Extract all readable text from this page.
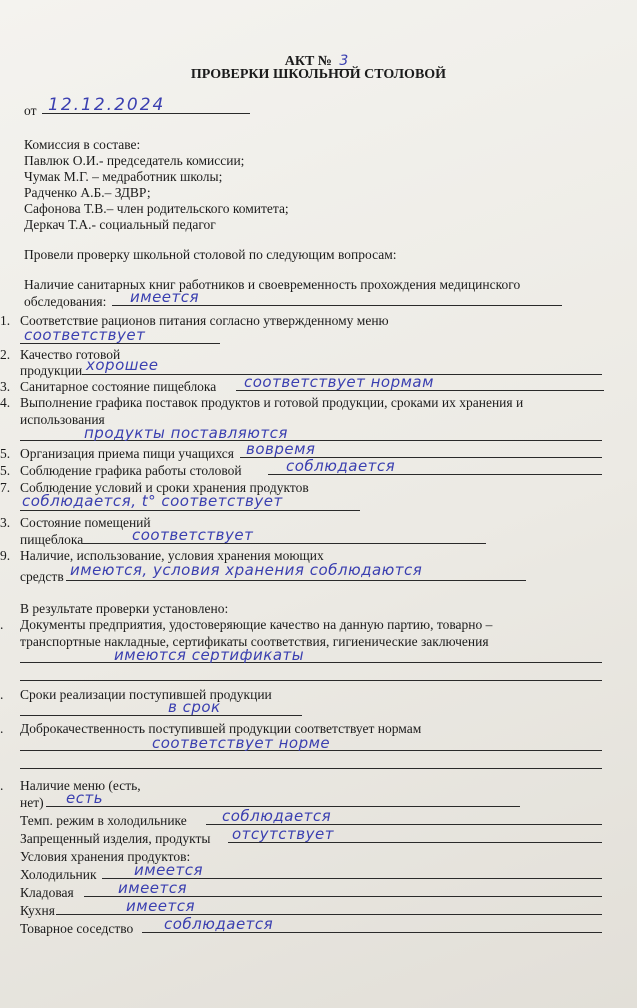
АКТ № 3
ПРОВЕРКИ ШКОЛЬНОЙ СТОЛОВОЙ
от 12.12.2024
Комиссия в составе:
Павлюк О.И.- председатель комиссии;
Чумак М.Г. – медработник школы;
Радченко А.Б.– ЗДВР;
Сафонова Т.В.– член родительского комитета;
Деркач Т.А.- социальный педагог
Провели проверку школьной столовой по следующим вопросам:
Наличие санитарных книг работников и своевременность прохождения медицинского
обследования: имеется
1. Соответствие рационов питания согласно утвержденному меню
соответствует
2. Качество готовой
продукции хорошее
3. Санитарное состояние пищеблока соответствует нормам
4. Выполнение графика поставок продуктов и готовой продукции, сроками их хранения и
использования
продукты поставляются
5. Организация приема пищи учащихся вовремя
5. Соблюдение графика работы столовой	соблюдается
7. Соблюдение условий и сроки хранения продуктов
соблюдается, t° соответствует
3. Состояние помещений
пищеблока	соответствует
9. Наличие, использование, условия хранения моющих
средств имеются, условия хранения соблюдаются
В результате проверки установлено:
. Документы предприятия, удостоверяющие качество на данную партию, товарно –
транспортные накладные, сертификаты соответствия, гигиенические заключения
имеются сертификаты
. Сроки реализации поступившей продукции
в срок
. Доброкачественность поступившей продукции соответствует нормам
соответствует норме
. Наличие меню (есть,
нет) есть
Темп. режим в холодильнике соблюдается
Запрещенный изделия, продукты отсутствует
Условия хранения продуктов:
Холодильник имеется
Кладовая	имеется
Кухня	имеется
Товарное соседство соблюдается
